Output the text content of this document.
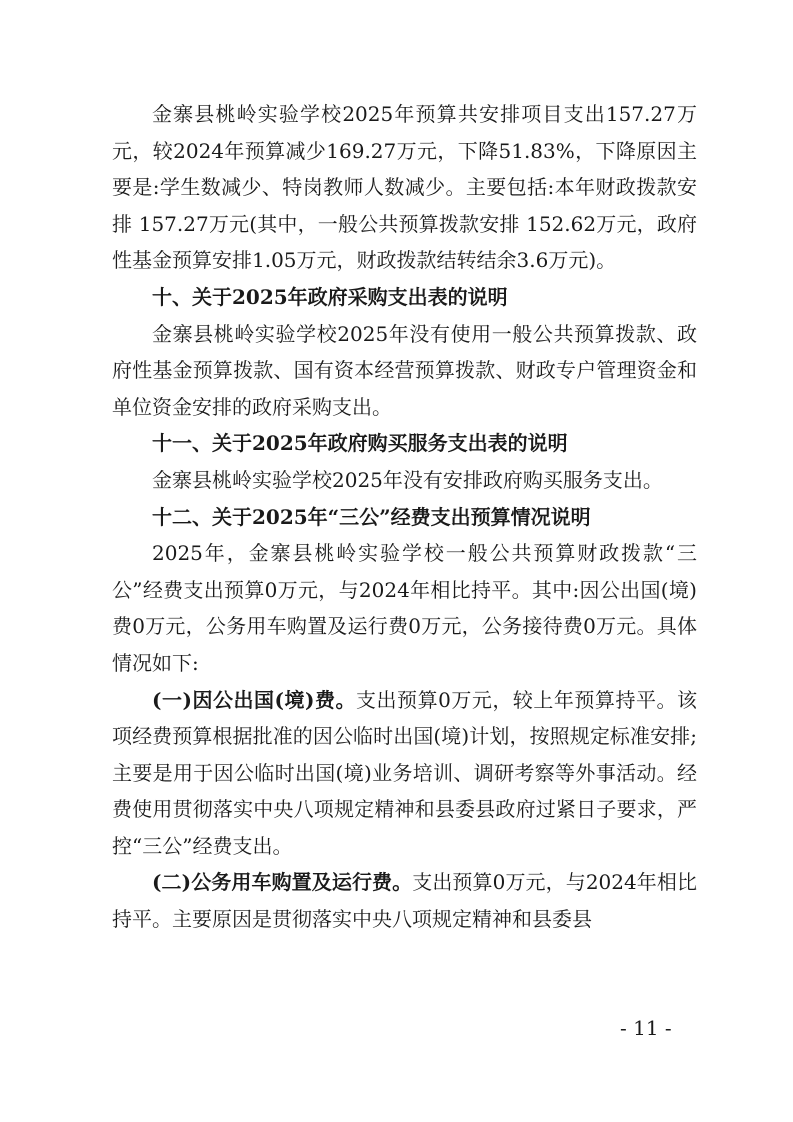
金寨县桃岭实验学校2025年预算共安排项目支出157.27万元，较2024年预算减少169.27万元，下降51.83%，下降原因主要是:学生数减少、特岗教师人数减少。主要包括:本年财政拨款安排 157.27万元(其中，一般公共预算拨款安排 152.62万元，政府性基金预算安排1.05万元，财政拨款结转结余3.6万元)。

十、关于2025年政府采购支出表的说明

金寨县桃岭实验学校2025年没有使用一般公共预算拨款、政府性基金预算拨款、国有资本经营预算拨款、财政专户管理资金和单位资金安排的政府采购支出。

十一、关于2025年政府购买服务支出表的说明

金寨县桃岭实验学校2025年没有安排政府购买服务支出。

十二、关于2025年“三公”经费支出预算情况说明

2025年，金寨县桃岭实验学校一般公共预算财政拨款“三公”经费支出预算0万元，与2024年相比持平。其中:因公出国(境)费0万元，公务用车购置及运行费0万元，公务接待费0万元。具体情况如下:

(一)因公出国(境)费。支出预算0万元，较上年预算持平。该项经费预算根据批准的因公临时出国(境)计划，按照规定标准安排;主要是用于因公临时出国(境)业务培训、调研考察等外事活动。经费使用贯彻落实中央八项规定精神和县委县政府过紧日子要求，严控“三公”经费支出。

(二)公务用车购置及运行费。支出预算0万元，与2024年相比持平。主要原因是贯彻落实中央八项规定精神和县委县

- 11 -
